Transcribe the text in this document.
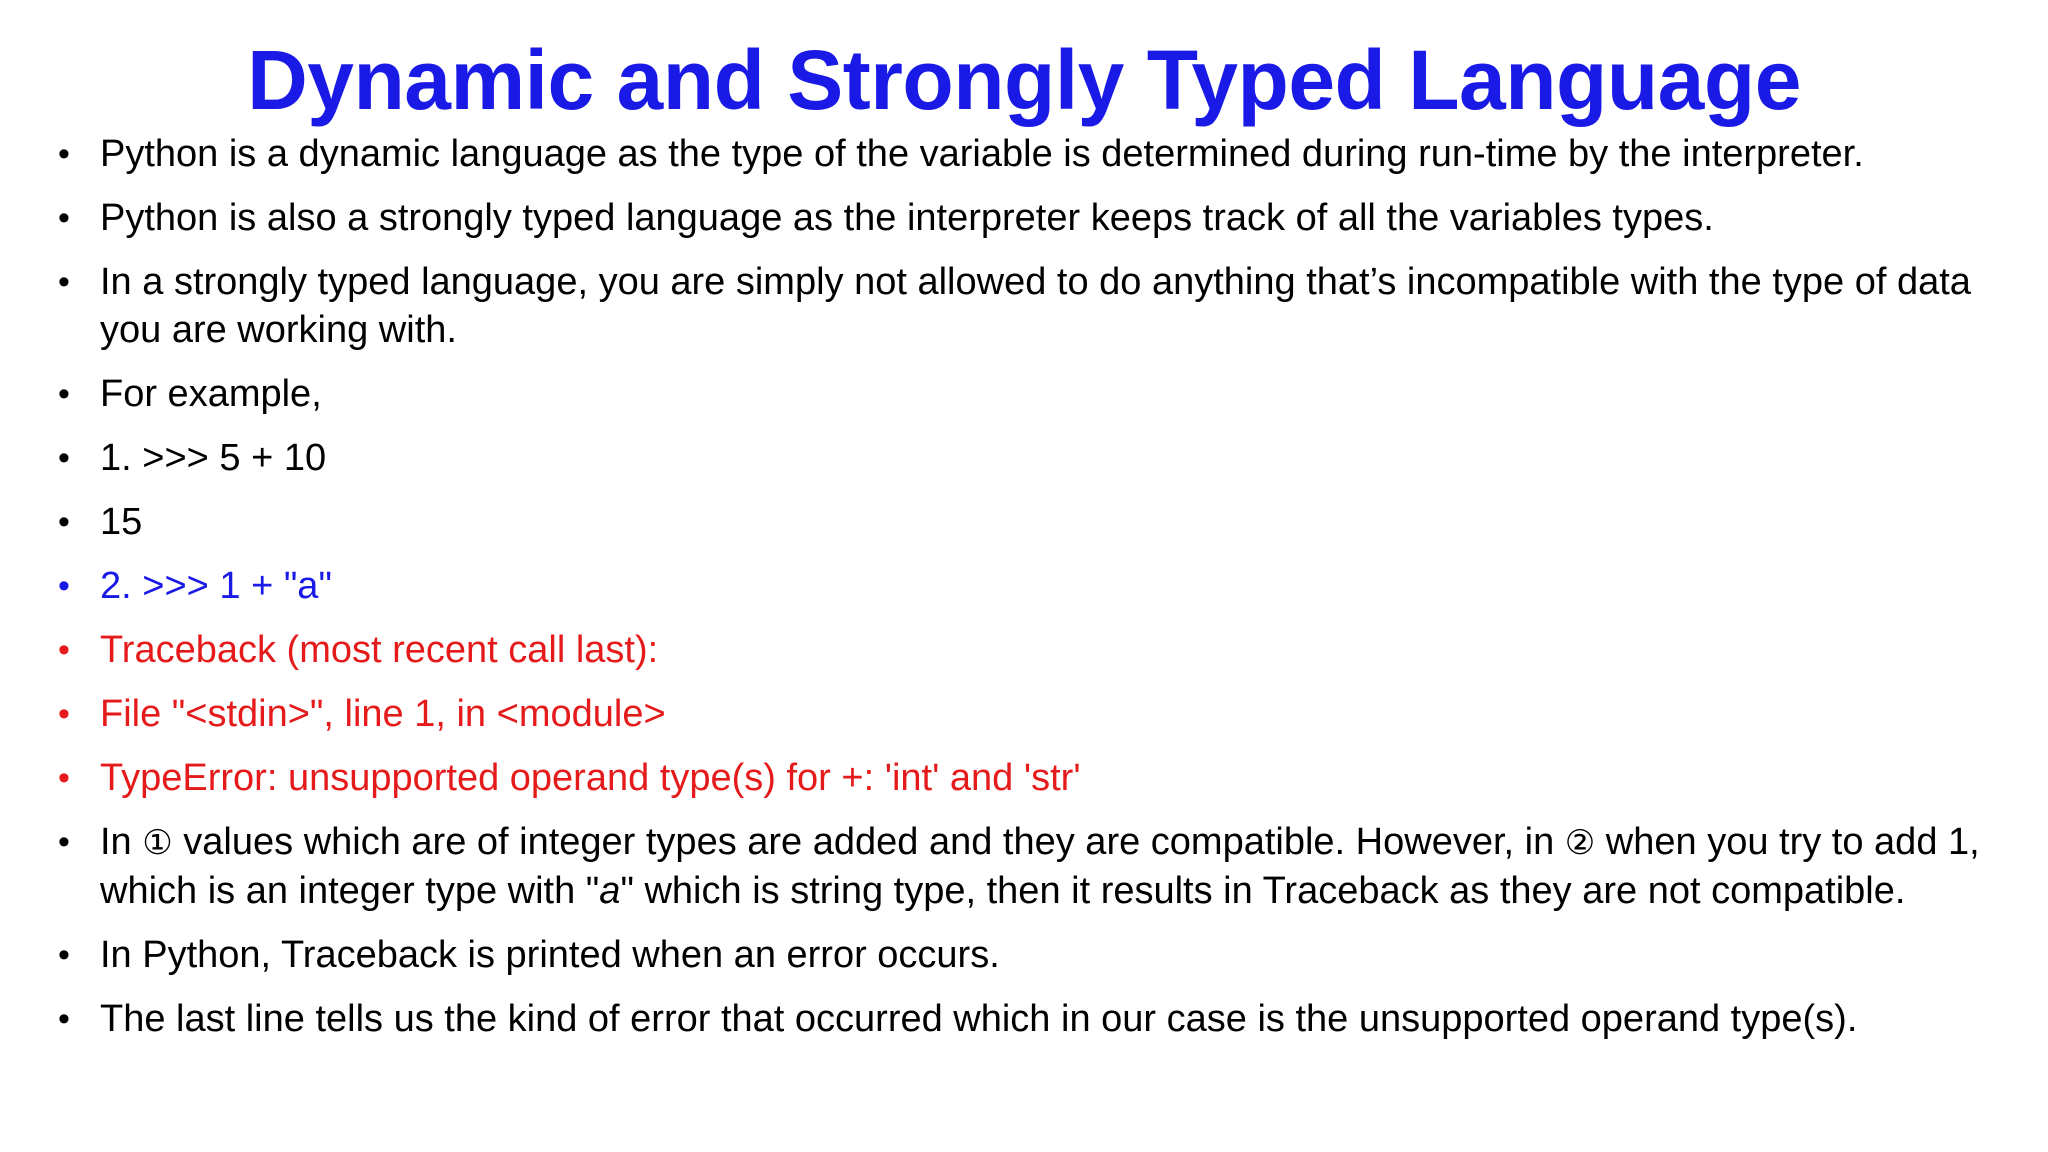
Dynamic and Strongly Typed Language
• Python is a dynamic language as the type of the variable is determined during run-time by the interpreter.
• Python is also a strongly typed language as the interpreter keeps track of all the variables types.
• In a strongly typed language, you are simply not allowed to do anything that’s incompatible with the type of data you are working with.
• For example,
• 1. >>> 5 + 10
• 15
• 2. >>> 1 + "a"
• Traceback (most recent call last):
• File "<stdin>", line 1, in <module>
• TypeError: unsupported operand type(s) for +: 'int' and 'str'
• In ① values which are of integer types are added and they are compatible. However, in ② when you try to add 1, which is an integer type with "a" which is string type, then it results in Traceback as they are not compatible.
• In Python, Traceback is printed when an error occurs.
• The last line tells us the kind of error that occurred which in our case is the unsupported operand type(s).
